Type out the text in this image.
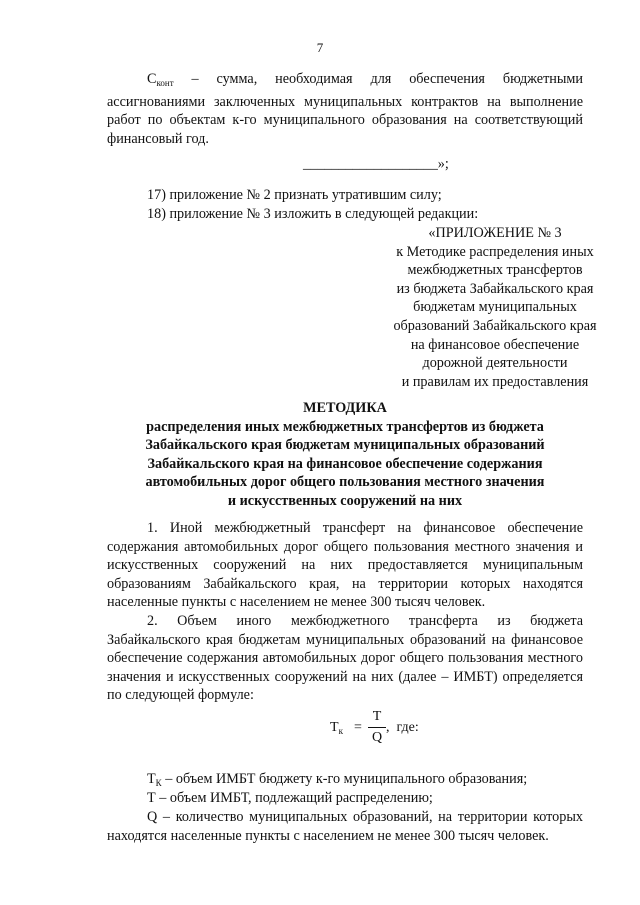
7
$С_{конт}$ – сумма, необходимая для обеспечения бюджетными ассигнованиями заключенных муниципальных контрактов на выполнение работ по объектам к-го муниципального образования на соответствующий финансовый год.
___________________»;
17) приложение № 2 признать утратившим силу;
18) приложение № 3 изложить в следующей редакции:
«ПРИЛОЖЕНИЕ № 3
к Методике распределения иных
межбюджетных трансфертов
из бюджета Забайкальского края
бюджетам муниципальных
образований Забайкальского края
на финансовое обеспечение
дорожной деятельности
и правилам их предоставления
МЕТОДИКА
распределения иных межбюджетных трансфертов из бюджета
Забайкальского края бюджетам муниципальных образований
Забайкальского края на финансовое обеспечение содержания
автомобильных дорог общего пользования местного значения
и искусственных сооружений на них
1. Иной межбюджетный трансферт на финансовое обеспечение содержания автомобильных дорог общего пользования местного значения и искусственных сооружений на них предоставляется муниципальным образованиям Забайкальского края, на территории которых находятся населенные пункты с населением не менее 300 тысяч человек.
2. Объем иного межбюджетного трансферта из бюджета Забайкальского края бюджетам муниципальных образований на финансовое обеспечение содержания автомобильных дорог общего пользования местного значения и искусственных сооружений на них (далее – ИМБТ) определяется по следующей формуле:
$Т_к$ =
Т
Q
,  где:
$Т_К$ – объем ИМБТ бюджету к-го муниципального образования;
Т – объем ИМБТ, подлежащий распределению;
Q – количество муниципальных образований, на территории которых находятся населенные пункты с населением не менее 300 тысяч человек.
